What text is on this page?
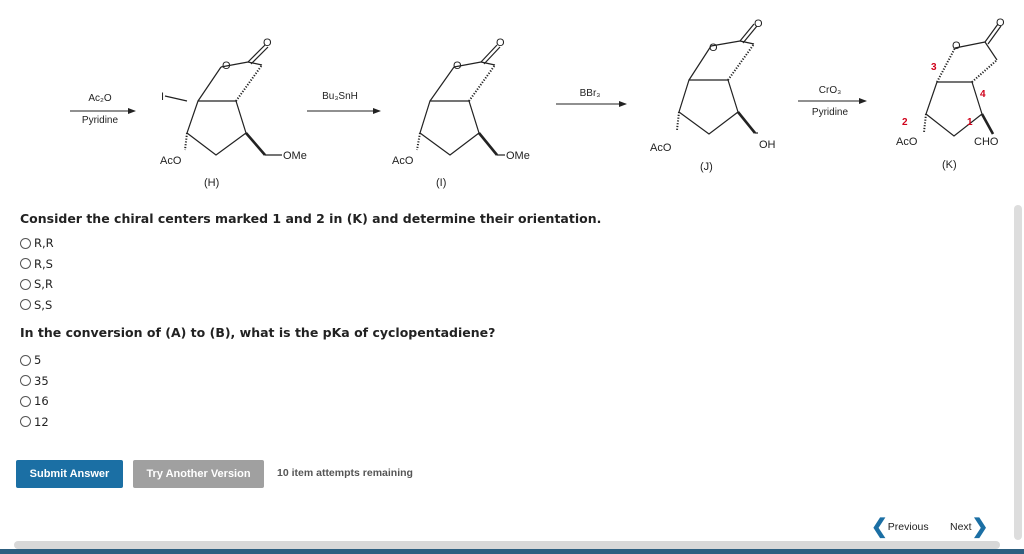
Ac₂O
Pyridine
O
O
I
AcO	OMe
(H)
Bu₃SnH
O
O
AcO	OMe
(I)
BBr₃
O
O
AcO	OH
(J)
CrO₃
Pyridine
O
O
3
4
2	1
AcO	CHO
(K)
Consider the chiral centers marked 1 and 2 in (K) and determine their orientation.
R,R
R,S
S,R
S,S
In the conversion of (A) to (B), what is the pKa of cyclopentadiene?
5
35
16
12
Submit Answer	Try Another Version	10 item attempts remaining
❮ Previous Next ❯
